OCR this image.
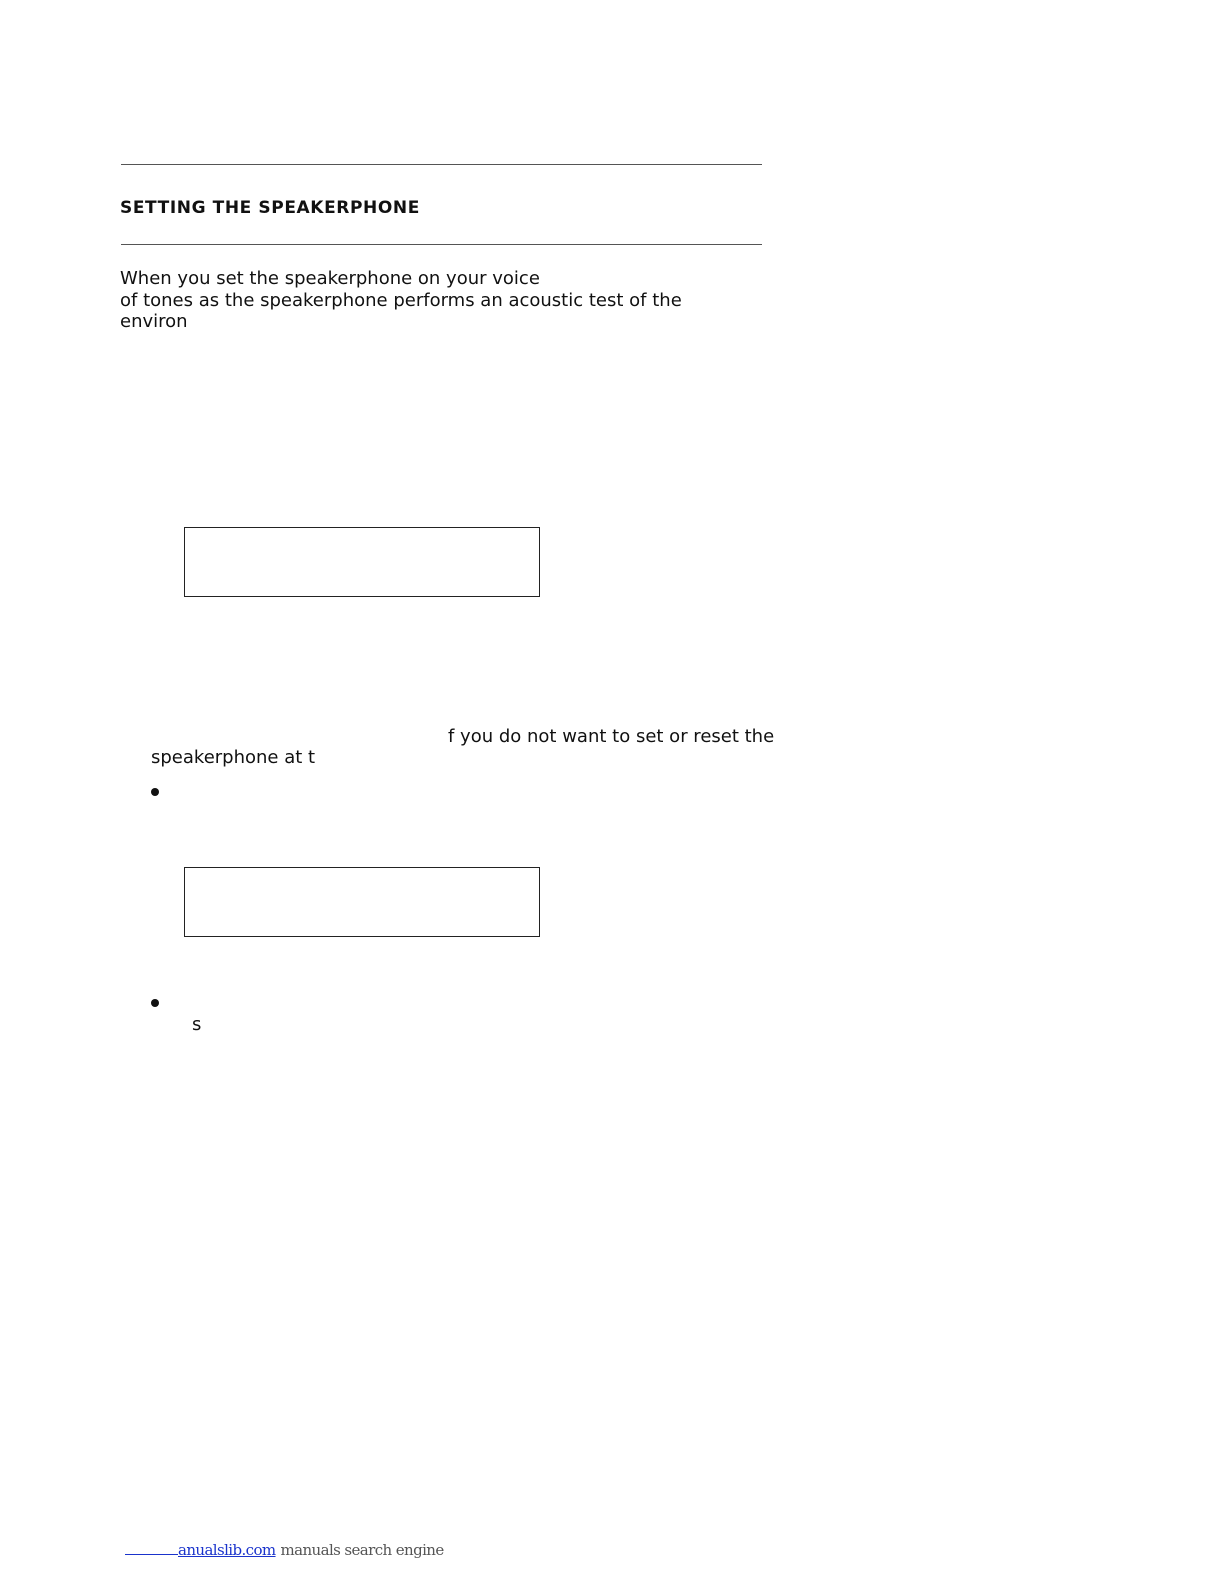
SETTING THE SPEAKERPHONE
When you set the speakerphone on your voice
of tones as the speakerphone performs an acoustic test of the
environ
f you do not want to set or reset the
speakerphone at t
s
anualslib.com manuals search engine
